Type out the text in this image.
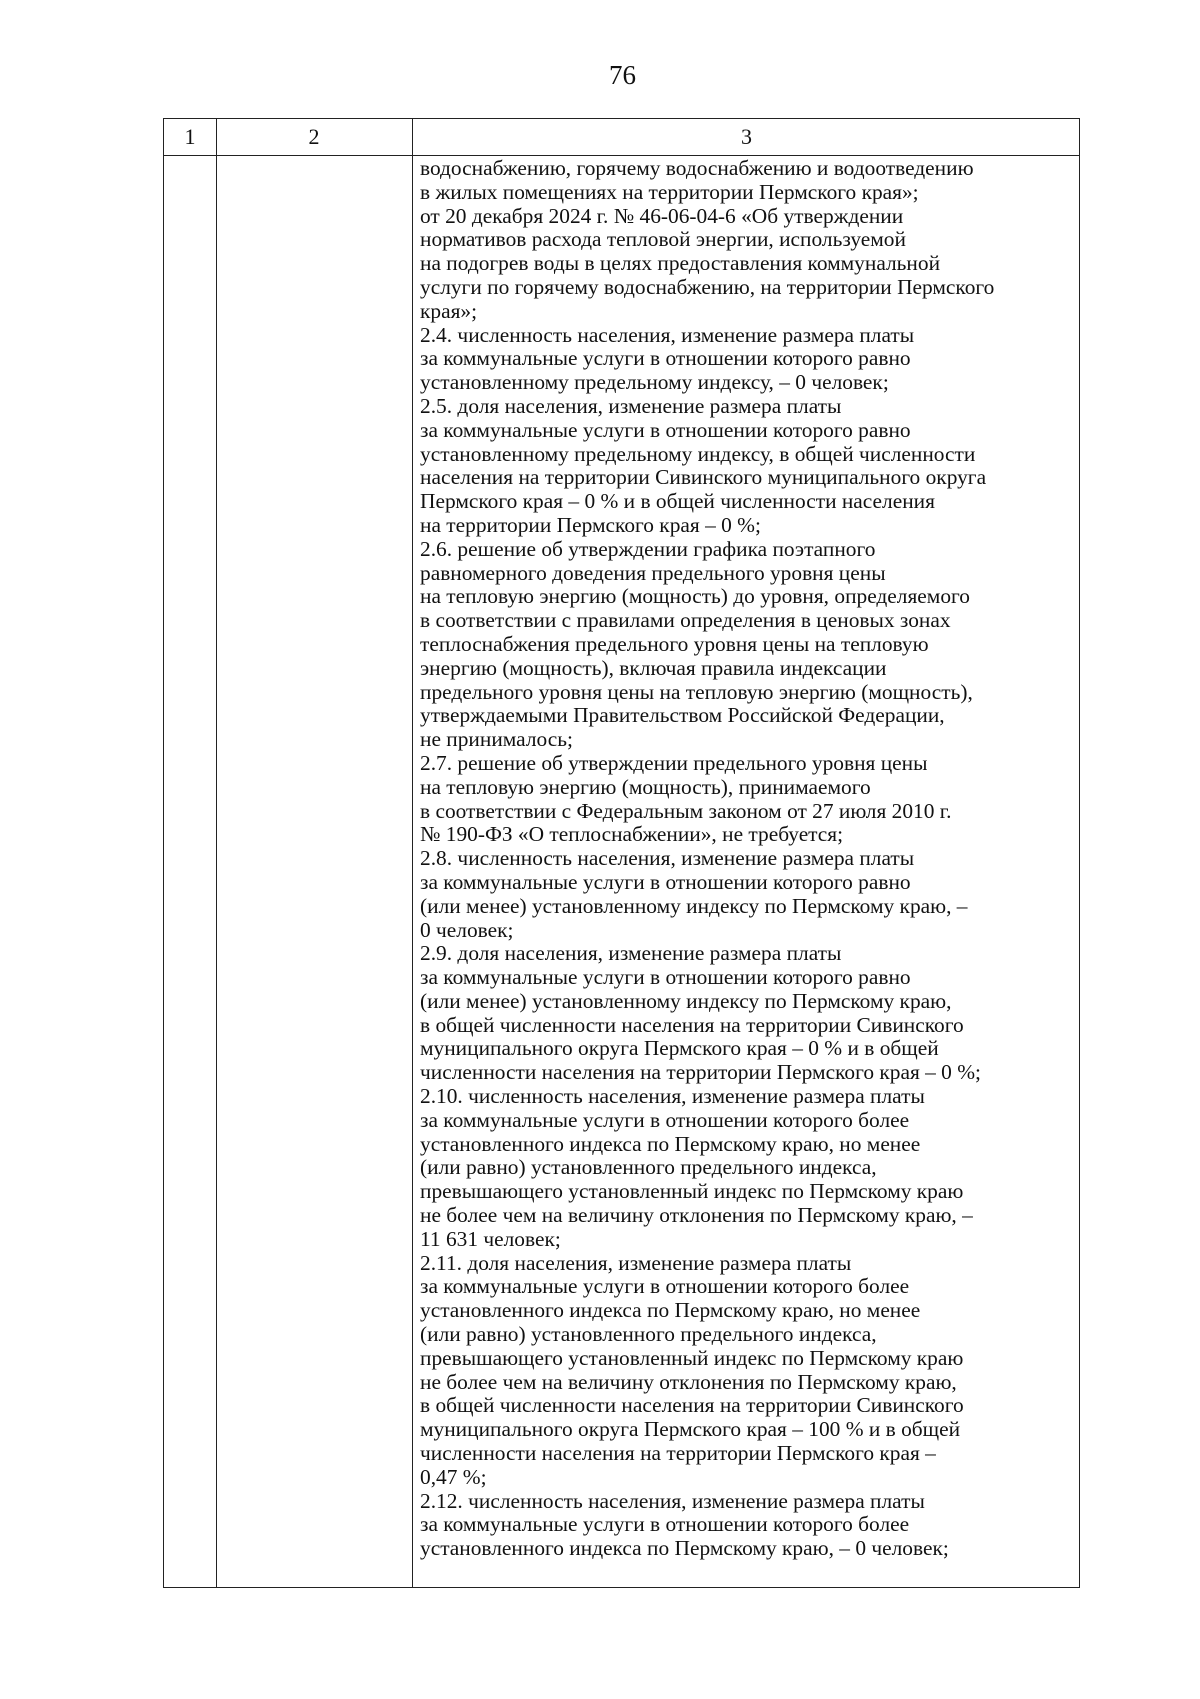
76
1	2	3
водоснабжению, горячему водоснабжению и водоотведению
в жилых помещениях на территории Пермского края»;
от 20 декабря 2024 г. № 46-06-04-6 «Об утверждении
нормативов расхода тепловой энергии, используемой
на подогрев воды в целях предоставления коммунальной
услуги по горячему водоснабжению, на территории Пермского
края»;
2.4. численность населения, изменение размера платы
за коммунальные услуги в отношении которого равно
установленному предельному индексу, – 0 человек;
2.5. доля населения, изменение размера платы
за коммунальные услуги в отношении которого равно
установленному предельному индексу, в общей численности
населения на территории Сивинского муниципального округа
Пермского края – 0 % и в общей численности населения
на территории Пермского края – 0 %;
2.6. решение об утверждении графика поэтапного
равномерного доведения предельного уровня цены
на тепловую энергию (мощность) до уровня, определяемого
в соответствии с правилами определения в ценовых зонах
теплоснабжения предельного уровня цены на тепловую
энергию (мощность), включая правила индексации
предельного уровня цены на тепловую энергию (мощность),
утверждаемыми Правительством Российской Федерации,
не принималось;
2.7. решение об утверждении предельного уровня цены
на тепловую энергию (мощность), принимаемого
в соответствии с Федеральным законом от 27 июля 2010 г.
№ 190-ФЗ «О теплоснабжении», не требуется;
2.8. численность населения, изменение размера платы
за коммунальные услуги в отношении которого равно
(или менее) установленному индексу по Пермскому краю, –
0 человек;
2.9. доля населения, изменение размера платы
за коммунальные услуги в отношении которого равно
(или менее) установленному индексу по Пермскому краю,
в общей численности населения на территории Сивинского
муниципального округа Пермского края – 0 % и в общей
численности населения на территории Пермского края – 0 %;
2.10. численность населения, изменение размера платы
за коммунальные услуги в отношении которого более
установленного индекса по Пермскому краю, но менее
(или равно) установленного предельного индекса,
превышающего установленный индекс по Пермскому краю
не более чем на величину отклонения по Пермскому краю, –
11 631 человек;
2.11. доля населения, изменение размера платы
за коммунальные услуги в отношении которого более
установленного индекса по Пермскому краю, но менее
(или равно) установленного предельного индекса,
превышающего установленный индекс по Пермскому краю
не более чем на величину отклонения по Пермскому краю,
в общей численности населения на территории Сивинского
муниципального округа Пермского края – 100 % и в общей
численности населения на территории Пермского края –
0,47 %;
2.12. численность населения, изменение размера платы
за коммунальные услуги в отношении которого более
установленного индекса по Пермскому краю, – 0 человек;
